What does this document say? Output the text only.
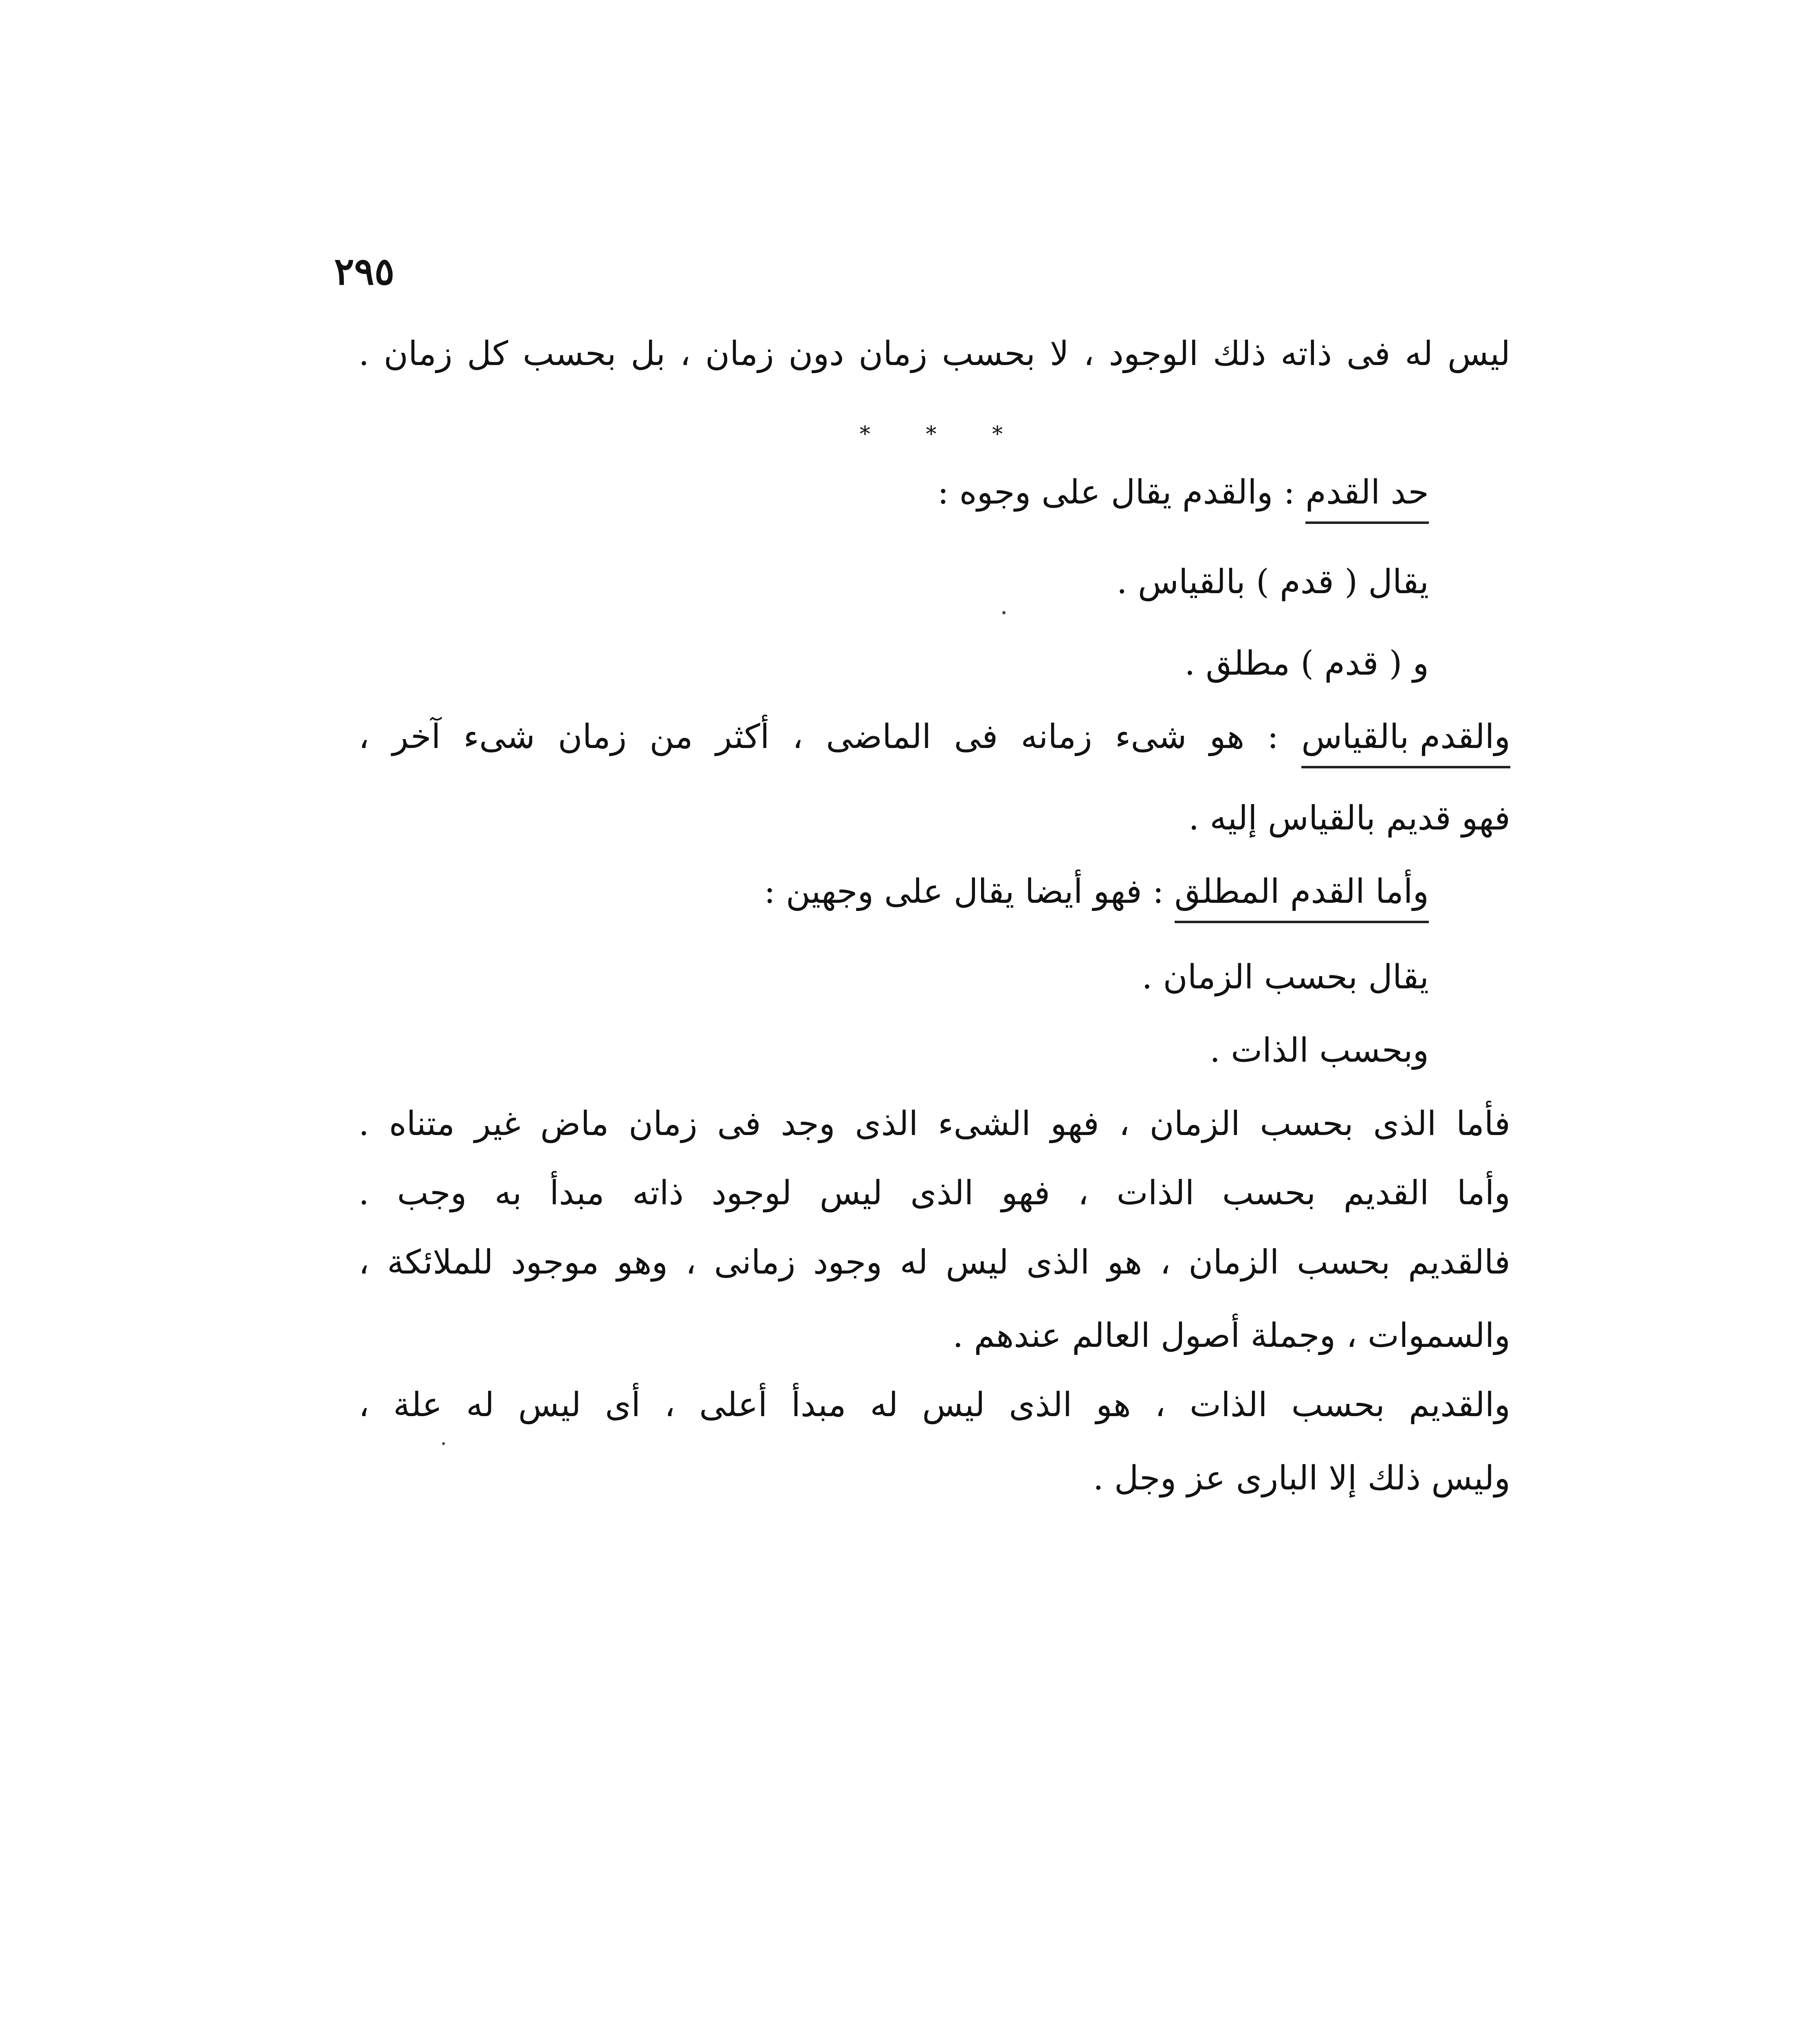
٢٩٥
ليس له فى ذاته ذلك الوجود ، لا بحسب زمان دون زمان ، بل بحسب كل زمان .
* * *
حد القدم : والقدم يقال على وجوه :
يقال ( قدم ) بالقياس .
و ( قدم ) مطلق .
والقدم بالقياس : هو شىء زمانه فى الماضى ، أكثر من زمان شىء آخر ،
فهو قديم بالقياس إليه .
وأما القدم المطلق : فهو أيضا يقال على وجهين :
يقال بحسب الزمان .
وبحسب الذات .
فأما الذى بحسب الزمان ، فهو الشىء الذى وجد فى زمان ماض غير متناه .
وأما القديم بحسب الذات ، فهو الذى ليس لوجود ذاته مبدأ به وجب .
فالقديم بحسب الزمان ، هو الذى ليس له وجود زمانى ، وهو موجود للملائكة ،
والسموات ، وجملة أصول العالم عندهم .
والقديم بحسب الذات ، هو الذى ليس له مبدأ أعلى ، أى ليس له علة ،
وليس ذلك إلا البارى عز وجل .
